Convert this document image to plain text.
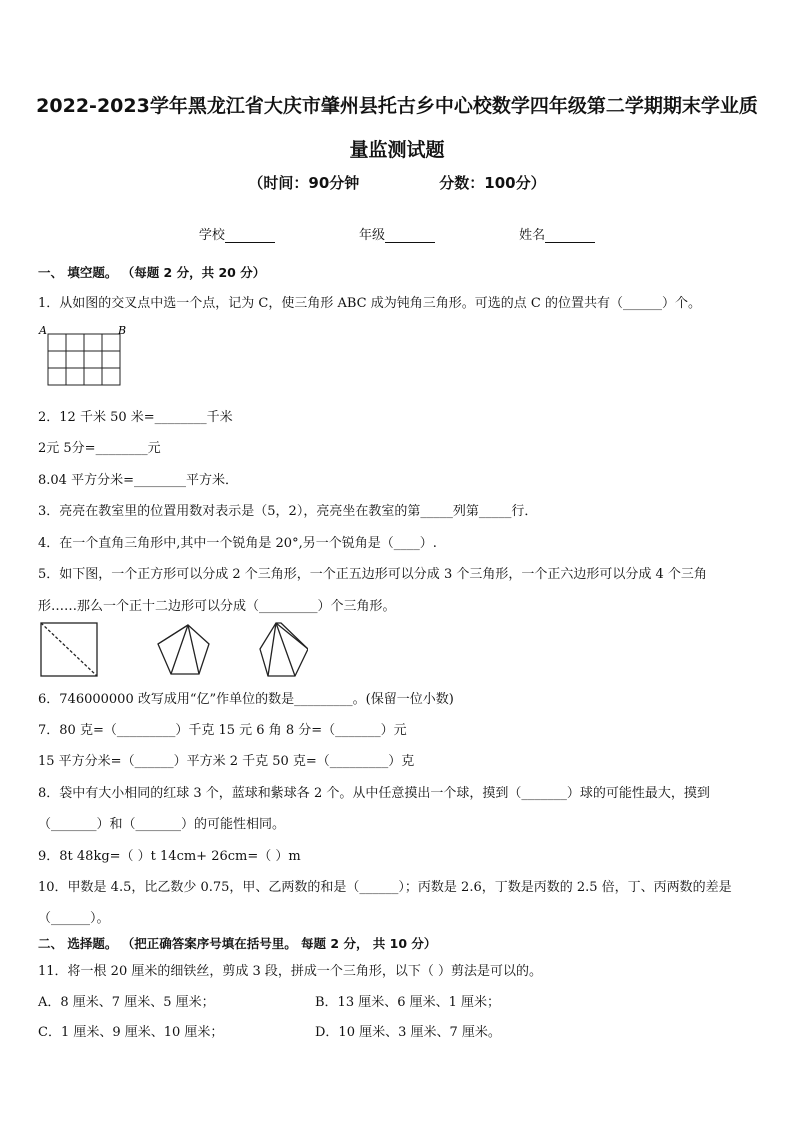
2022-2023学年黑龙江省大庆市肇州县托古乡中心校数学四年级第二学期期末学业质量监测试题
（时间：90分钟	分数：100分）
学校	年级	姓名
一、 填空题。 （每题 2 分，共 20 分）
1．从如图的交叉点中选一个点，记为 C，使三角形 ABC 成为钝角三角形。可选的点 C 的位置共有（______）个。
A	B
2．12 千米 50 米=________千米
2元 5分=________元
8.04 平方分米=________平方米．
3．亮亮在教室里的位置用数对表示是（5，2），亮亮坐在教室的第_____列第_____行．
4．在一个直角三角形中,其中一个锐角是 20°,另一个锐角是（____）.
5．如下图，一个正方形可以分成 2 个三角形，一个正五边形可以分成 3 个三角形，一个正六边形可以分成 4 个三角
形……那么一个正十二边形可以分成（_________）个三角形。
6．746000000 改写成用“亿”作单位的数是_________。(保留一位小数)
7．80 克=（_________）千克 15 元 6 角 8 分=（_______）元
15 平方分米=（______）平方米 2 千克 50 克=（_________）克
8．袋中有大小相同的红球 3 个，蓝球和紫球各 2 个。从中任意摸出一个球，摸到（_______）球的可能性最大，摸到
（_______）和（_______）的可能性相同。
9．8t 48kg=（ ）t 14cm+ 26cm=（ ）m
10．甲数是 4.5，比乙数少 0.75，甲、乙两数的和是（______）；丙数是 2.6，丁数是丙数的 2.5 倍，丁、丙两数的差是
（______）。
二、 选择题。 （把正确答案序号填在括号里。 每题 2 分， 共 10 分）
11．将一根 20 厘米的细铁丝，剪成 3 段，拼成一个三角形，以下（ ）剪法是可以的。
A．8 厘米、7 厘米、5 厘米；	B．13 厘米、6 厘米、1 厘米；
C．1 厘米、9 厘米、10 厘米；	D．10 厘米、3 厘米、7 厘米。
